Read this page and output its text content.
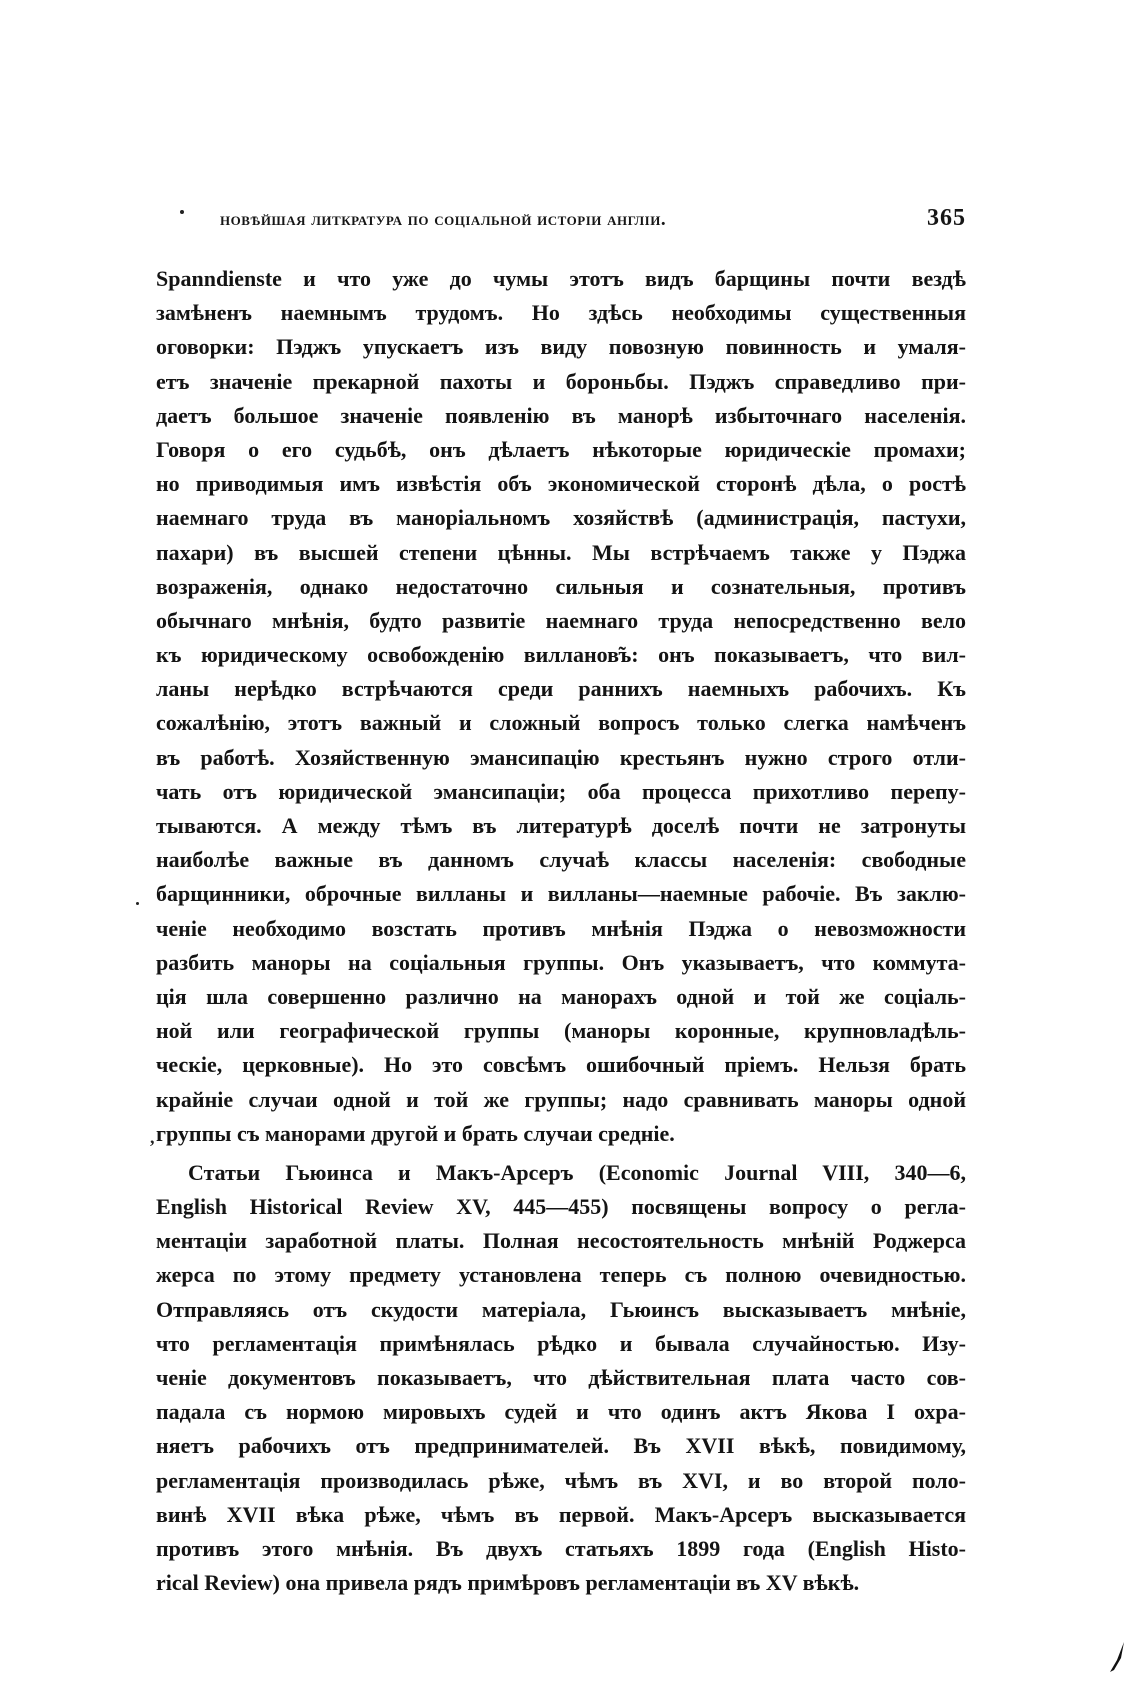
новѣйшая литкратура по соціальной исторіи англіи.	365
Spanndienste и что уже до чумы этотъ видъ барщины почти вездѣ
замѣненъ наемнымъ трудомъ. Но здѣсь необходимы существенныя
оговорки: Пэджъ упускаетъ изъ виду повозную повинность и умаля-
етъ значеніе прекарной пахоты и бороньбы. Пэджъ справедливо при-
даетъ большое значеніе появленію въ манорѣ избыточнаго населенія.
Говоря о его судьбѣ, онъ дѣлаетъ нѣкоторые юридическіе промахи;
но приводимыя имъ извѣстія объ экономической сторонѣ дѣла, о ростѣ
наемнаго труда въ маноріальномъ хозяйствѣ (администрація, пастухи,
пахари) въ высшей степени цѣнны. Мы встрѣчаемъ также у Пэджа
возраженія, однако недостаточно сильныя и сознательныя, противъ
обычнаго мнѣнія, будто развитіе наемнаго труда непосредственно вело
къ юридическому освобожденію вилланов̃ъ: онъ показываетъ, что вил-
ланы нерѣдко встрѣчаются среди раннихъ наемныхъ рабочихъ. Къ
сожалѣнію, этотъ важный и сложный вопросъ только слегка намѣченъ
въ работѣ. Хозяйственную эмансипацію крестьянъ нужно строго отли-
чать отъ юридической эмансипаціи; оба процесса прихотливо перепу-
тываются. А между тѣмъ въ литературѣ доселѣ почти не затронуты
наиболѣе важные въ данномъ случаѣ классы населенія: свободные
барщинники, оброчные вилланы и вилланы—наемные рабочіе. Въ заклю-
ченіе необходимо возстать противъ мнѣнія Пэджа о невозможности
разбить маноры на соціальныя группы. Онъ указываетъ, что коммута-
ція шла совершенно различно на манорахъ одной и той же соціаль-
ной или географической группы (маноры коронные, крупновладѣль-
ческіе, церковные). Но это совсѣмъ ошибочный пріемъ. Нельзя брать
крайніе случаи одной и той же группы; надо сравнивать маноры одной
группы съ манорами другой и брать случаи средніе.
Статьи Гьюинса и Макъ-Арсеръ (Economic Journal VIII, 340—6,
English Historical Review XV, 445—455) посвящены вопросу о регла-
ментаціи заработной платы. Полная несостоятельность мнѣній Роджерса
жерса по этому предмету установлена теперь съ полною очевидностью.
Отправляясь отъ скудости матеріала, Гьюинсъ высказываетъ мнѣніе,
что регламентація примѣнялась рѣдко и бывала случайностью. Изу-
ченіе документовъ показываетъ, что дѣйствительная плата часто сов-
падала съ нормою мировыхъ судей и что одинъ актъ Якова I охра-
няетъ рабочихъ отъ предпринимателей. Въ XVII вѣкѣ, повидимому,
регламентація производилась рѣже, чѣмъ въ XVI, и во второй поло-
винѣ XVII вѣка рѣже, чѣмъ въ первой. Макъ-Арсеръ высказывается
противъ этого мнѣнія. Въ двухъ статьяхъ 1899 года (English Histo-
rical Review) она привела рядъ примѣровъ регламентаціи въ XV вѣкѣ.
,
